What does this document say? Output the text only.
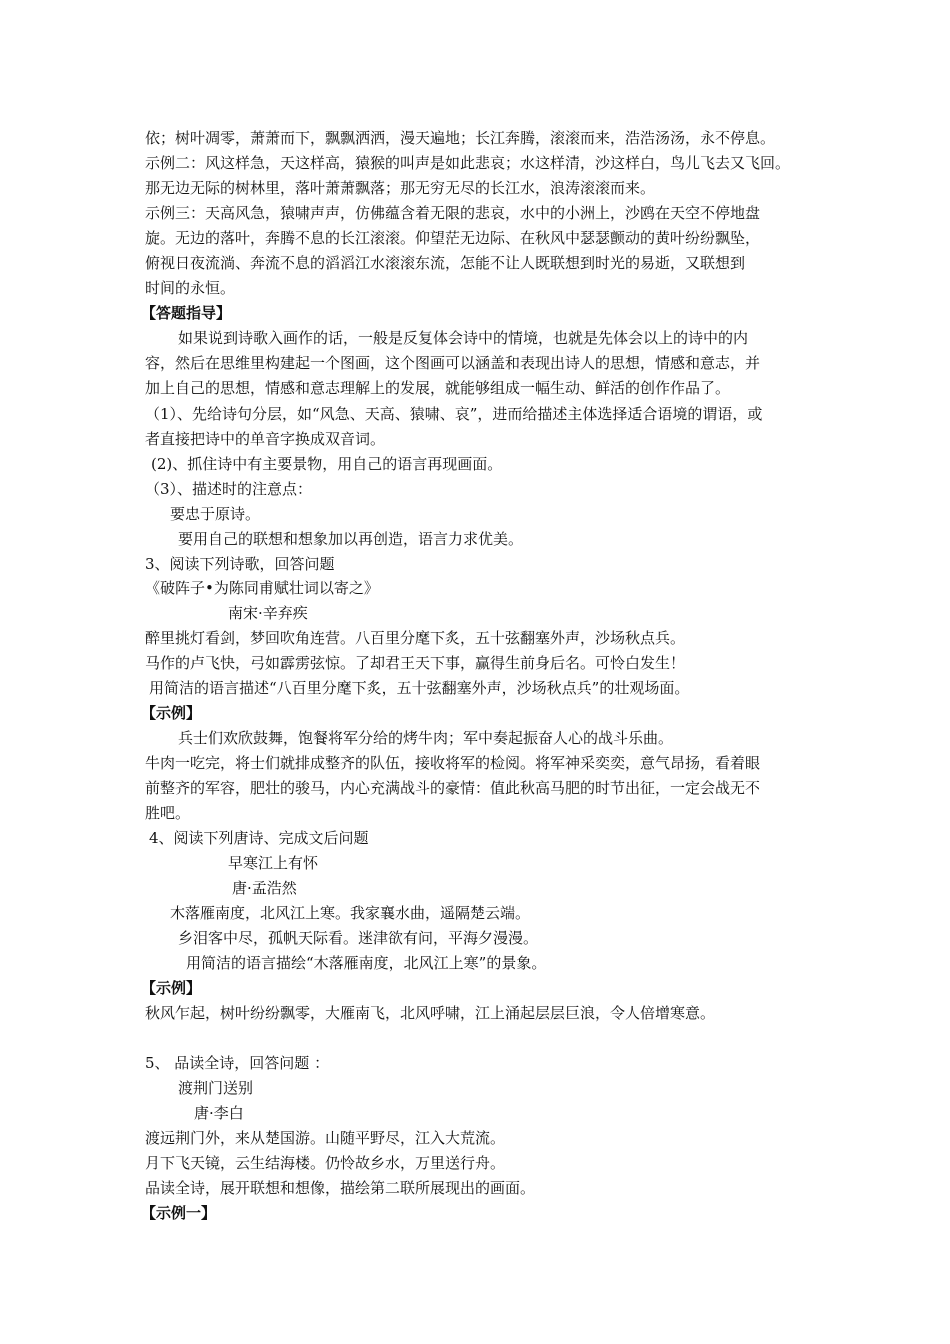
依；树叶凋零，萧萧而下，飘飘洒洒，漫天遍地；长江奔腾，滚滚而来，浩浩汤汤，永不停息。
示例二：风这样急，天这样高，猿猴的叫声是如此悲哀；水这样清，沙这样白，鸟儿飞去又飞回。
那无边无际的树林里，落叶萧萧飘落；那无穷无尽的长江水，浪涛滚滚而来。
示例三：天高风急，猿啸声声，仿佛蕴含着无限的悲哀，水中的小洲上，沙鸥在天空不停地盘
旋。无边的落叶，奔腾不息的长江滚滚。仰望茫无边际、在秋风中瑟瑟颤动的黄叶纷纷飘坠，
俯视日夜流淌、奔流不息的滔滔江水滚滚东流，怎能不让人既联想到时光的易逝，又联想到
时间的永恒。
【答题指导】
如果说到诗歌入画作的话，一般是反复体会诗中的情境，也就是先体会以上的诗中的内
容，然后在思维里构建起一个图画，这个图画可以涵盖和表现出诗人的思想，情感和意志，并
加上自己的思想，情感和意志理解上的发展，就能够组成一幅生动、鲜活的创作作品了。
（1）、先给诗句分层，如“风急、天高、猿啸、哀”，进而给描述主体选择适合语境的谓语，或
者直接把诗中的单音字换成双音词。
(2)、抓住诗中有主要景物，用自己的语言再现画面。
（3）、描述时的注意点：
要忠于原诗。
要用自己的联想和想象加以再创造，语言力求优美。
3、阅读下列诗歌，回答问题
《破阵子•为陈同甫赋壮词以寄之》
南宋·辛弃疾
醉里挑灯看剑，梦回吹角连营。八百里分麾下炙，五十弦翻塞外声，沙场秋点兵。
马作的卢飞快，弓如霹雳弦惊。了却君王天下事，赢得生前身后名。可怜白发生！
用简洁的语言描述“八百里分麾下炙，五十弦翻塞外声，沙场秋点兵”的壮观场面。
【示例】
兵士们欢欣鼓舞，饱餐将军分给的烤牛肉；军中奏起振奋人心的战斗乐曲。
牛肉一吃完，将士们就排成整齐的队伍，接收将军的检阅。将军神采奕奕，意气昂扬，看着眼
前整齐的军容，肥壮的骏马，内心充满战斗的豪情：值此秋高马肥的时节出征，一定会战无不
胜吧。
4、阅读下列唐诗、完成文后问题
早寒江上有怀
唐·孟浩然
木落雁南度，北风江上寒。我家襄水曲，遥隔楚云端。
乡泪客中尽，孤帆天际看。迷津欲有问，平海夕漫漫。
用简洁的语言描绘“木落雁南度，北风江上寒”的景象。
【示例】
秋风乍起，树叶纷纷飘零，大雁南飞，北风呼啸，江上涌起层层巨浪，令人倍增寒意。
5、 品读全诗，回答问题 ：
渡荆门送别
唐·李白
渡远荆门外，来从楚国游。山随平野尽，江入大荒流。
月下飞天镜，云生结海楼。仍怜故乡水，万里送行舟。
品读全诗，展开联想和想像，描绘第二联所展现出的画面。
【示例一】
